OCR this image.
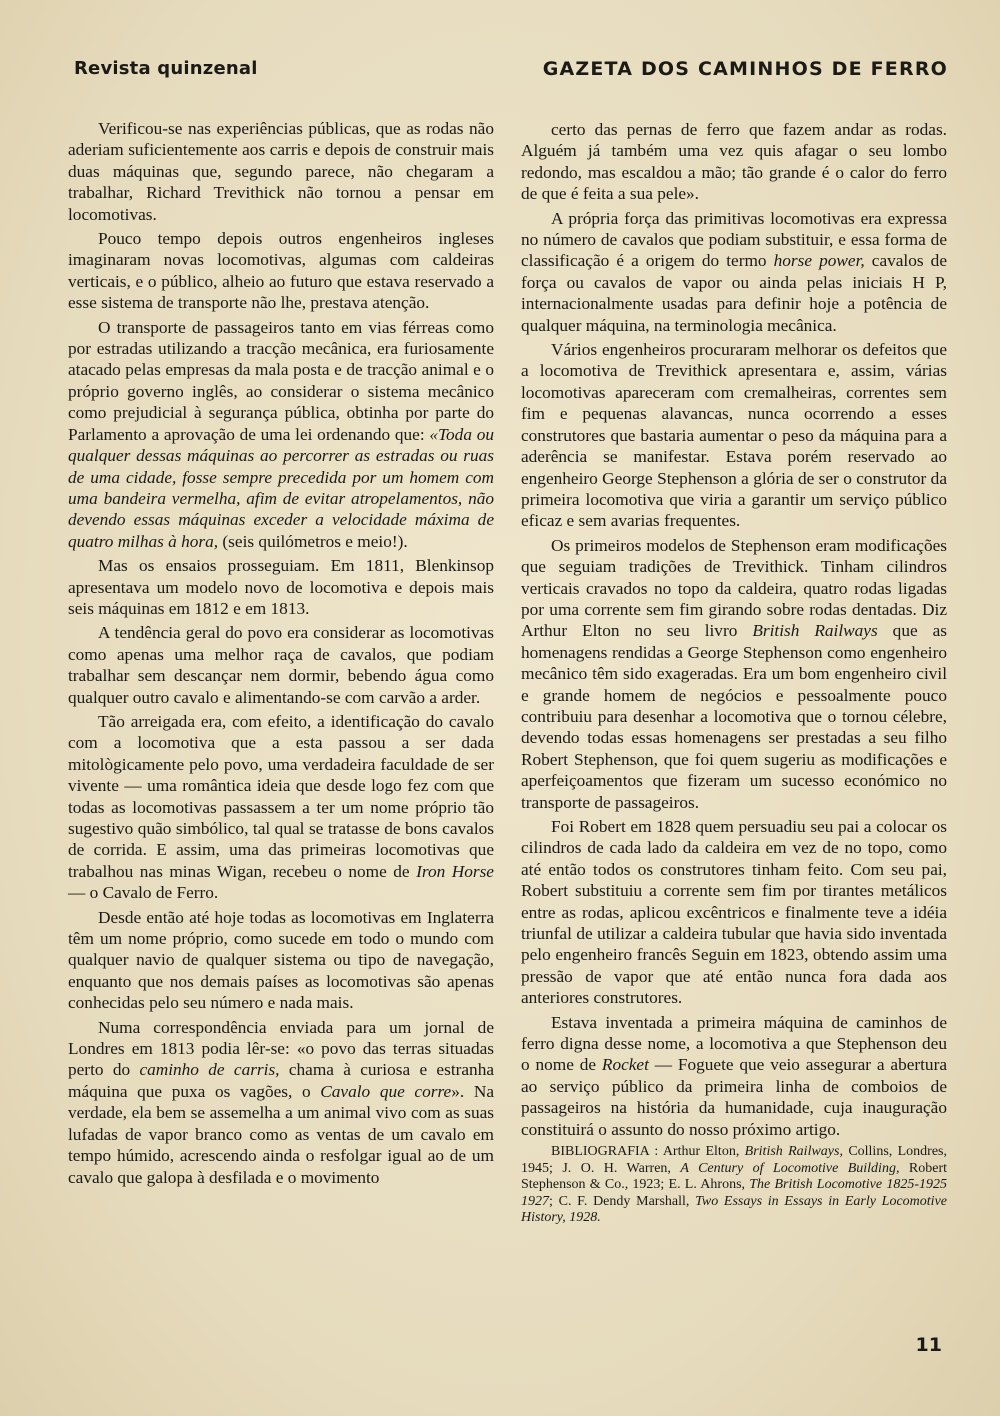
Revista quinzenal	GAZETA DOS CAMINHOS DE FERRO

Verificou-se nas experiências públicas, que as rodas não aderiam suficientemente aos carris e depois de construir mais duas máquinas que, segundo parece, não chegaram a trabalhar, Richard Trevithick não tornou a pensar em locomotivas.

Pouco tempo depois outros engenheiros ingleses imaginaram novas locomotivas, algumas com caldeiras verticais, e o público, alheio ao futuro que estava reservado a esse sistema de transporte não lhe, prestava atenção.

O transporte de passageiros tanto em vias férreas como por estradas utilizando a tracção mecânica, era furiosamente atacado pelas empresas da mala posta e de tracção animal e o próprio governo inglês, ao considerar o sistema mecânico como prejudicial à segurança pública, obtinha por parte do Parlamento a aprovação de uma lei ordenando que: «Toda ou qualquer dessas máquinas ao percorrer as estradas ou ruas de uma cidade, fosse sempre precedida por um homem com uma bandeira vermelha, afim de evitar atropelamentos, não devendo essas máquinas exceder a velocidade máxima de quatro milhas à hora, (seis quilómetros e meio!).

Mas os ensaios prosseguiam. Em 1811, Blenkinsop apresentava um modelo novo de locomotiva e depois mais seis máquinas em 1812 e em 1813.

A tendência geral do povo era considerar as locomotivas como apenas uma melhor raça de cavalos, que podiam trabalhar sem descançar nem dormir, bebendo água como qualquer outro cavalo e alimentando-se com carvão a arder.

Tão arreigada era, com efeito, a identificação do cavalo com a locomotiva que a esta passou a ser dada mitològicamente pelo povo, uma verdadeira faculdade de ser vivente — uma romântica ideia que desde logo fez com que todas as locomotivas passassem a ter um nome próprio tão sugestivo quão simbólico, tal qual se tratasse de bons cavalos de corrida. E assim, uma das primeiras locomotivas que trabalhou nas minas Wigan, recebeu o nome de Iron Horse — o Cavalo de Ferro.

Desde então até hoje todas as locomotivas em Inglaterra têm um nome próprio, como sucede em todo o mundo com qualquer navio de qualquer sistema ou tipo de navegação, enquanto que nos demais países as locomotivas são apenas conhecidas pelo seu número e nada mais.

Numa correspondência enviada para um jornal de Londres em 1813 podia lêr-se: «o povo das terras situadas perto do caminho de carris, chama à curiosa e estranha máquina que puxa os vagões, o Cavalo que corre». Na verdade, ela bem se assemelha a um animal vivo com as suas lufadas de vapor branco como as ventas de um cavalo em tempo húmido, acrescendo ainda o resfolgar igual ao de um cavalo que galopa à desfilada e o movimento

certo das pernas de ferro que fazem andar as rodas. Alguém já também uma vez quis afagar o seu lombo redondo, mas escaldou a mão; tão grande é o calor do ferro de que é feita a sua pele».

A própria força das primitivas locomotivas era expressa no número de cavalos que podiam substituir, e essa forma de classificação é a origem do termo horse power, cavalos de força ou cavalos de vapor ou ainda pelas iniciais H P, internacionalmente usadas para definir hoje a potência de qualquer máquina, na terminologia mecânica.

Vários engenheiros procuraram melhorar os defeitos que a locomotiva de Trevithick apresentara e, assim, várias locomotivas apareceram com cremalheiras, correntes sem fim e pequenas alavancas, nunca ocorrendo a esses construtores que bastaria aumentar o peso da máquina para a aderência se manifestar. Estava porém reservado ao engenheiro George Stephenson a glória de ser o construtor da primeira locomotiva que viria a garantir um serviço público eficaz e sem avarias frequentes.

Os primeiros modelos de Stephenson eram modificações que seguiam tradições de Trevithick. Tinham cilindros verticais cravados no topo da caldeira, quatro rodas ligadas por uma corrente sem fim girando sobre rodas dentadas. Diz Arthur Elton no seu livro British Railways que as homenagens rendidas a George Stephenson como engenheiro mecânico têm sido exageradas. Era um bom engenheiro civil e grande homem de negócios e pessoalmente pouco contribuiu para desenhar a locomotiva que o tornou célebre, devendo todas essas homenagens ser prestadas a seu filho Robert Stephenson, que foi quem sugeriu as modificações e aperfeiçoamentos que fizeram um sucesso económico no transporte de passageiros.

Foi Robert em 1828 quem persuadiu seu pai a colocar os cilindros de cada lado da caldeira em vez de no topo, como até então todos os construtores tinham feito. Com seu pai, Robert substituiu a corrente sem fim por tirantes metálicos entre as rodas, aplicou excêntricos e finalmente teve a idéia triunfal de utilizar a caldeira tubular que havia sido inventada pelo engenheiro francês Seguin em 1823, obtendo assim uma pressão de vapor que até então nunca fora dada aos anteriores construtores.

Estava inventada a primeira máquina de caminhos de ferro digna desse nome, a locomotiva a que Stephenson deu o nome de Rocket — Foguete que veio assegurar a abertura ao serviço público da primeira linha de comboios de passageiros na história da humanidade, cuja inauguração constituirá o assunto do nosso próximo artigo.

BIBLIOGRAFIA : Arthur Elton, British Railways, Collins, Londres, 1945; J. O. H. Warren, A Century of Locomotive Building, Robert Stephenson & Co., 1923; E. L. Ahrons, The British Locomotive 1825-1925 1927; C. F. Dendy Marshall, Two Essays in Essays in Early Locomotive History, 1928.

11
